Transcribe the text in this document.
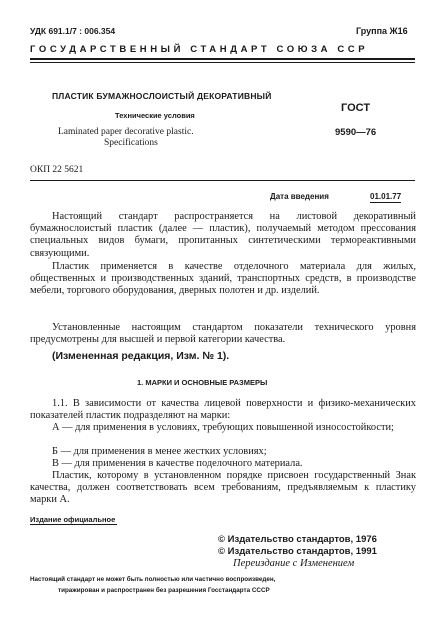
УДК 691.1/7 : 006.354	Группа Ж16
ГОСУДАРСТВЕННЫЙ СТАНДАРТ СОЮЗА ССР
ПЛАСТИК БУМАЖНОСЛОИСТЫЙ ДЕКОРАТИВНЫЙ
Технические условия
Laminated paper decorative plastic.
Specifications
ГОСТ
9590—76
ОКП 22 5621
Дата введения	01.01.77

Настоящий стандарт распространяется на листовой декоративный бумажнослоистый пластик (далее — пластик), получаемый методом прессования специальных видов бумаги, пропитанных синтетическими термореактивными связующими.

Пластик применяется в качестве отделочного материала для жилых, общественных и производственных зданий, транспортных средств, в производстве мебели, торгового оборудования, дверных полотен и др. изделий.

Установленные настоящим стандартом показатели технического уровня предусмотрены для высшей и первой категории качества.

(Измененная редакция, Изм. № 1).
1. МАРКИ И ОСНОВНЫЕ РАЗМЕРЫ

1.1. В зависимости от качества лицевой поверхности и физико-механических показателей пластик подразделяют на марки:

А — для применения в условиях, требующих повышенной износостойкости;

Б — для применения в менее жестких условиях;

В — для применения в качестве поделочного материала.

Пластик, которому в установленном порядке присвоен государственный Знак качества, должен соответствовать всем требованиям, предъявляемым к пластику марки А.

Издание официальное
© Издательство стандартов, 1976
© Издательство стандартов, 1991
Переиздание с Изменением
Настоящий стандарт не может быть полностью или частично воспроизведен,
тиражирован и распространен без разрешения Госстандарта СССР
